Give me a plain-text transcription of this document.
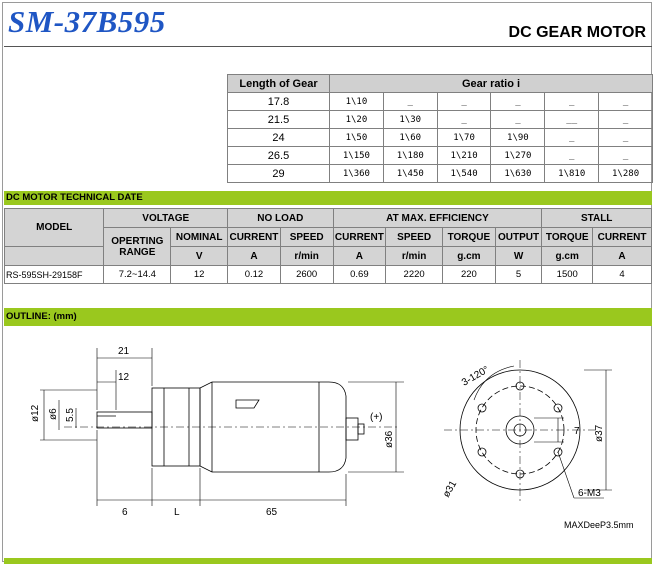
SM-37B595	DC GEAR MOTOR
Length of Gear	Gear ratio i					
17.8	1\10	_	_	_	_	_
21.5	1\20	1\30	_	_	__	_
24	1\50	1\60	1\70	1\90	_	_
26.5	1\150	1\180	1\210	1\270	_	_
29	1\360	1\450	1\540	1\630	1\810	1\280
DC MOTOR TECHNICAL DATE
MODEL	VOLTAGE		NO LOAD		AT MAX. EFFICIENCY				STALL	
	OPERTING RANGE	NOMINAL	CURRENT	SPEED	CURRENT	SPEED	TORQUE	OUTPUT	TORQUE	CURRENT
		V	A	r/min	A	r/min	g.cm	W	g.cm	A
RS-595SH-29158F	7.2~14.4	12	0.12	2600	0.69	2220	220	5	1500	4
OUTLINE: (mm)
21
12
ø12 ø6 5.5
6	L	65
(+)
ø36
3-120°
7 ø37
ø31	6-M3
MAXDeeP3.5mm
